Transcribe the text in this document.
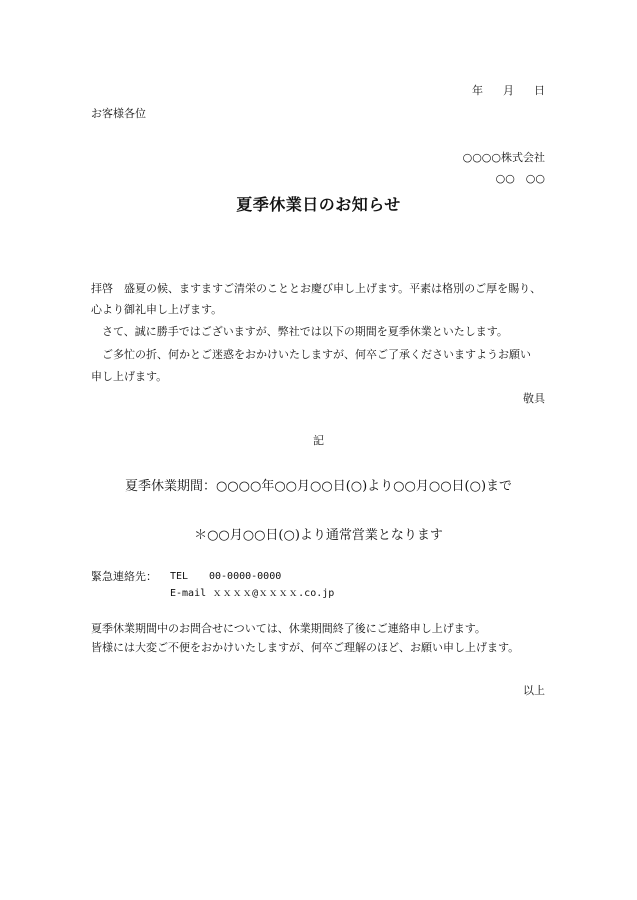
年 月 日
お客様各位
○○○○株式会社
○○　○○
夏季休業日のお知らせ
拝啓　盛夏の候、ますますご清栄のこととお慶び申し上げます。平素は格別のご厚を賜り、
心より御礼申し上げます。
　さて、誠に勝手ではございますが、弊社では以下の期間を夏季休業といたします。
　ご多忙の折、何かとご迷惑をおかけいたしますが、何卒ご了承くださいますようお願い
申し上げます。
敬具
記
夏季休業期間：○○○○年○○月○○日(○)より○○月○○日(○)まで
＊○○月○○日(○)より通常営業となります
緊急連絡先： TEL 00-0000-0000
E-mail ｘｘｘｘ@ｘｘｘｘ.co.jp
夏季休業期間中のお問合せについては、休業期間終了後にご連絡申し上げます。
皆様には大変ご不便をおかけいたしますが、何卒ご理解のほど、お願い申し上げます。
以上
